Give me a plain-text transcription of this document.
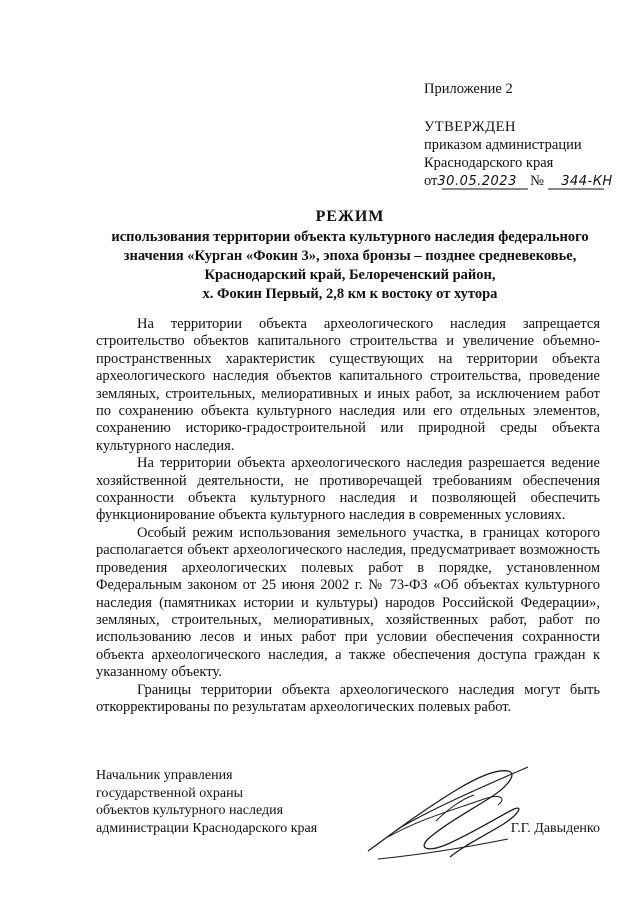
Приложение 2
УТВЕРЖДЕН
приказом администрации
Краснодарского края
от30.05.2023 № 344-КН
РЕЖИМ
использования территории объекта культурного наследия федерального
значения «Курган «Фокин 3», эпоха бронзы – позднее средневековье,
Краснодарский край, Белореченский район,
х. Фокин Первый, 2,8 км к востоку от хутора

На территории объекта археологического наследия запрещается строительство объектов капитального строительства и увеличение объемно-пространственных характеристик существующих на территории объекта археологического наследия объектов капитального строительства, проведение земляных, строительных, мелиоративных и иных работ, за исключением работ по сохранению объекта культурного наследия или его отдельных элементов, сохранению историко-градостроительной или природной среды объекта культурного наследия.

На территории объекта археологического наследия разрешается ведение хозяйственной деятельности, не противоречащей требованиям обеспечения сохранности объекта культурного наследия и позволяющей обеспечить функционирование объекта культурного наследия в современных условиях.

Особый режим использования земельного участка, в границах которого располагается объект археологического наследия, предусматривает возможность проведения археологических полевых работ в порядке, установленном Федеральным законом от 25 июня 2002 г. № 73-ФЗ «Об объектах культурного наследия (памятниках истории и культуры) народов Российской Федерации», земляных, строительных, мелиоративных, хозяйственных работ, работ по использованию лесов и иных работ при условии обеспечения сохранности объекта археологического наследия, а также обеспечения доступа граждан к указанному объекту.

Границы территории объекта археологического наследия могут быть откорректированы по результатам археологических полевых работ.

Начальник управления
государственной охраны
объектов культурного наследия
администрации Краснодарского края	Г.Г. Давыденко
